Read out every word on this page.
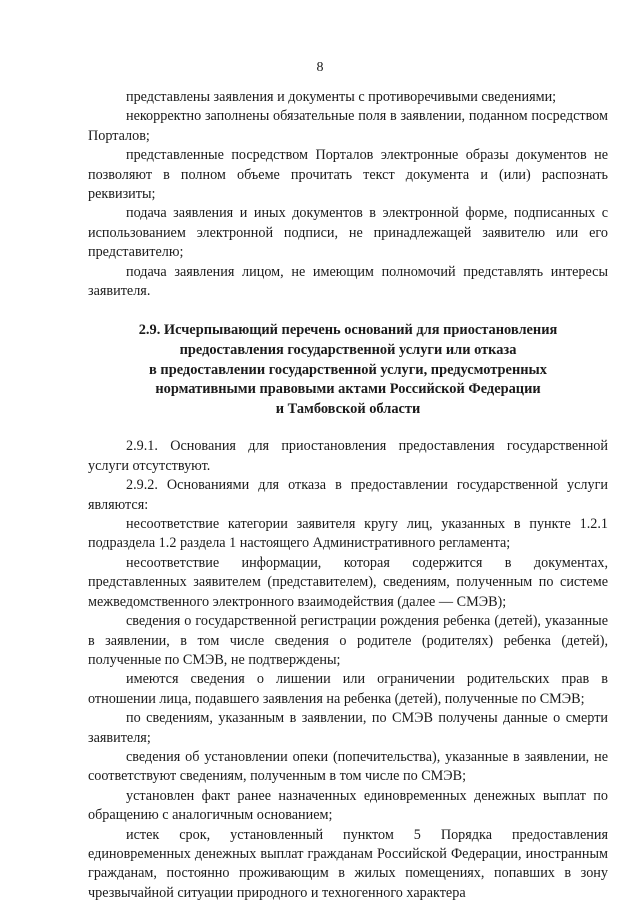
8

представлены заявления и документы с противоречивыми сведениями;

некорректно заполнены обязательные поля в заявлении, поданном посредством Порталов;

представленные посредством Порталов электронные образы документов не позволяют в полном объеме прочитать текст документа и (или) распознать реквизиты;

подача заявления и иных документов в электронной форме, подписанных с использованием электронной подписи, не принадлежащей заявителю или его представителю;

подача заявления лицом, не имеющим полномочий представлять интересы заявителя.

2.9. Исчерпывающий перечень оснований для приостановления
предоставления государственной услуги или отказа
в предоставлении государственной услуги, предусмотренных
нормативными правовыми актами Российской Федерации
и Тамбовской области

2.9.1. Основания для приостановления предоставления государственной услуги отсутствуют.

2.9.2. Основаниями для отказа в предоставлении государственной услуги являются:

несоответствие категории заявителя кругу лиц, указанных в пункте 1.2.1 подраздела 1.2 раздела 1 настоящего Административного регламента;

несоответствие информации, которая содержится в документах, представленных заявителем (представителем), сведениям, полученным по системе межведомственного электронного взаимодействия (далее — СМЭВ);

сведения о государственной регистрации рождения ребенка (детей), указанные в заявлении, в том числе сведения о родителе (родителях) ребенка (детей), полученные по СМЭВ, не подтверждены;

имеются сведения о лишении или ограничении родительских прав в отношении лица, подавшего заявления на ребенка (детей), полученные по СМЭВ;

по сведениям, указанным в заявлении, по СМЭВ получены данные о смерти заявителя;

сведения об установлении опеки (попечительства), указанные в заявлении, не соответствуют сведениям, полученным в том числе по СМЭВ;

установлен факт ранее назначенных единовременных денежных выплат по обращению с аналогичным основанием;

истек срок, установленный пунктом 5 Порядка предоставления единовременных денежных выплат гражданам Российской Федерации, иностранным гражданам, постоянно проживающим в жилых помещениях, попавших в зону чрезвычайной ситуации природного и техногенного характера
